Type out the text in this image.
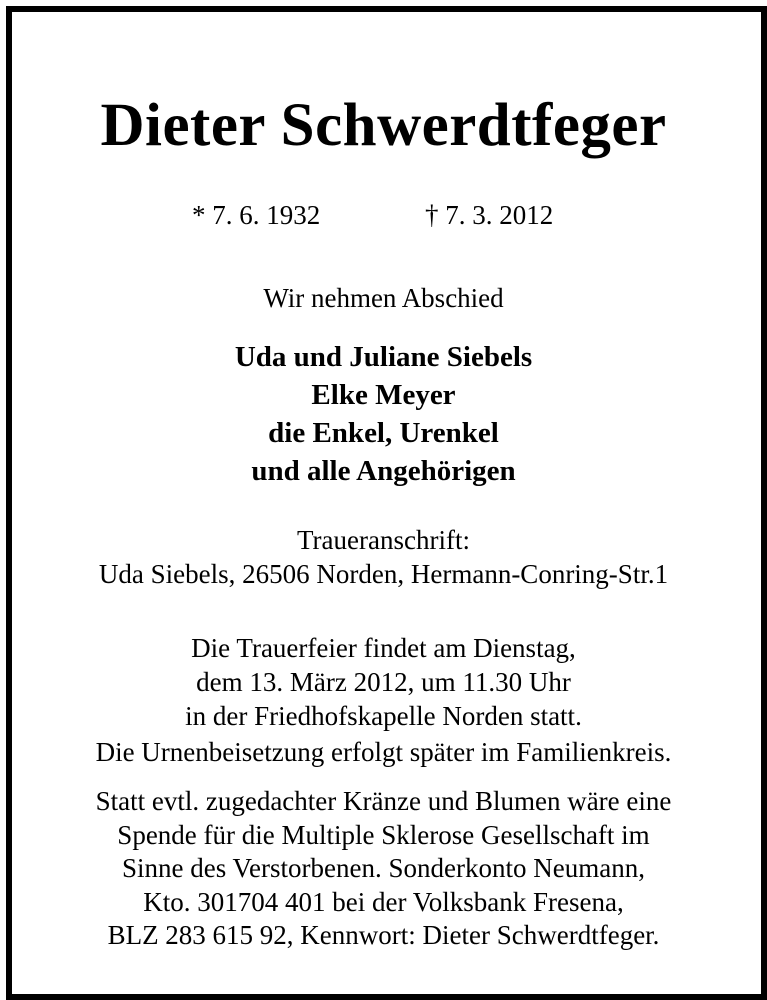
Dieter Schwerdtfeger
* 7. 6. 1932	† 7. 3. 2012
Wir nehmen Abschied
Uda und Juliane Siebels
Elke Meyer
die Enkel, Urenkel
und alle Angehörigen
Traueranschrift:
Uda Siebels, 26506 Norden, Hermann-Conring-Str.1
Die Trauerfeier findet am Dienstag,
dem 13. März 2012, um 11.30 Uhr
in der Friedhofskapelle Norden statt.
Die Urnenbeisetzung erfolgt später im Familienkreis.
Statt evtl. zugedachter Kränze und Blumen wäre eine
Spende für die Multiple Sklerose Gesellschaft im
Sinne des Verstorbenen. Sonderkonto Neumann,
Kto. 301704 401 bei der Volksbank Fresena,
BLZ 283 615 92, Kennwort: Dieter Schwerdtfeger.
